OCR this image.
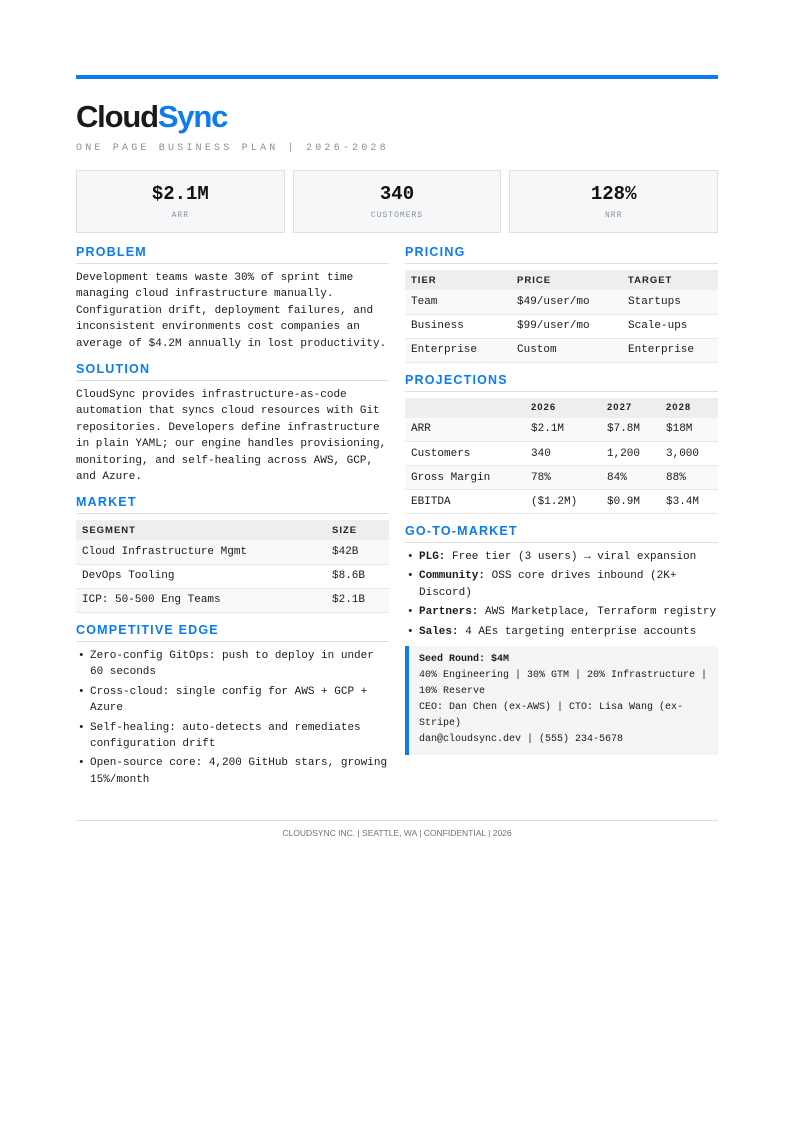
CloudSync
ONE PAGE BUSINESS PLAN | 2026-2028
$2.1M
ARR
340
CUSTOMERS
128%
NRR
PROBLEM

Development teams waste 30% of sprint time managing cloud infrastructure manually. Configuration drift, deployment failures, and inconsistent environments cost companies an average of $4.2M annually in lost productivity.

SOLUTION

CloudSync provides infrastructure-as-code automation that syncs cloud resources with Git repositories. Developers define infrastructure in plain YAML; our engine handles provisioning, monitoring, and self-healing across AWS, GCP, and Azure.

MARKET
SEGMENT	SIZE
Cloud Infrastructure Mgmt	$42B
DevOps Tooling	$8.6B
ICP: 50-500 Eng Teams	$2.1B
COMPETITIVE EDGE
• Zero-config GitOps: push to deploy in under 60 seconds
• Cross-cloud: single config for AWS + GCP + Azure
• Self-healing: auto-detects and remediates configuration drift
• Open-source core: 4,200 GitHub stars, growing 15%/month
PRICING
TIER	PRICE	TARGET
Team	$49/user/mo	Startups
Business	$99/user/mo	Scale-ups
Enterprise	Custom	Enterprise
PROJECTIONS
	2026	2027	2028
ARR	$2.1M	$7.8M	$18M
Customers	340	1,200	3,000
Gross Margin	78%	84%	88%
EBITDA	($1.2M)	$0.9M	$3.4M
GO-TO-MARKET
• PLG: Free tier (3 users) → viral expansion
• Community: OSS core drives inbound (2K+ Discord)
• Partners: AWS Marketplace, Terraform registry
• Sales: 4 AEs targeting enterprise accounts
Seed Round: $4M
40% Engineering | 30% GTM | 20% Infrastructure | 10% Reserve
CEO: Dan Chen (ex-AWS) | CTO: Lisa Wang (ex-Stripe)
dan@cloudsync.dev | (555) 234-5678
CLOUDSYNC INC. | SEATTLE, WA | CONFIDENTIAL | 2026
